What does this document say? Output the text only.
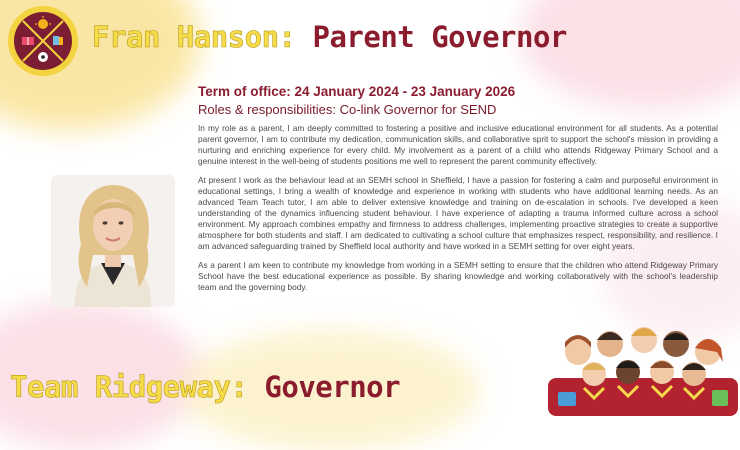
Fran Hanson: Parent Governor

Term of office: 24 January 2024 - 23 January 2026

Roles & responsibilities: Co-link Governor for SEND

In my role as a parent, I am deeply committed to fostering a positive and inclusive educational environment for all students. As a potential parent governor, I am to contribute my dedication, communication skills, and collaborative sprit to support the school's mission in providing a nurturing and enriching experience for every child. My involvement as a parent of a child who attends Ridgeway Primary School and a genuine interest in the well-being of students positions me well to represent the parent community effectively.

At present I work as the behaviour lead at an SEMH school in Sheffield, I have a passion for fostering a calm and purposeful environment in educational settings, I bring a wealth of knowledge and experience in working with students who have additional learning needs. As an advanced Team Teach tutor, I am able to deliver extensive knowledge and training on de-escalation in schools. I've developed a keen understanding of the dynamics influencing student behaviour. I have experience of adapting a trauma informed culture across a school environment. My approach combines empathy and firmness to address challenges, implementing proactive strategies to create a supportive atmosphere for both students and staff. I am dedicated to cultivating a school culture that emphasizes respect, responsibility, and resilience. I am advanced safeguarding trained by Sheffield local authority and have worked in a SEMH setting for over eight years.

As a parent I am keen to contribute my knowledge from working in a SEMH setting to ensure that the children who attend Ridgeway Primary School have the best educational experience as possible. By sharing knowledge and working collaboratively with the school's leadership team and the governing body.

Team Ridgeway: Governor
